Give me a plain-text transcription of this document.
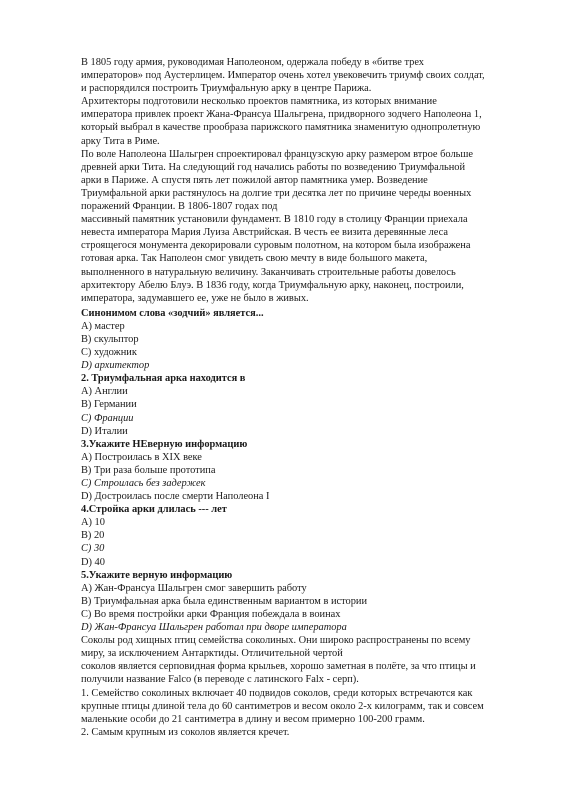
В 1805 году армия, руководимая Наполеоном, одержала победу в «битве трех
императоров» под Аустерлицем. Император очень хотел увековечить триумф своих солдат,
и распорядился построить Триумфальную арку в центре Парижа.
Архитекторы подготовили несколько проектов памятника, из которых внимание
императора привлек проект Жана-Франсуа Шальгрена, придворного зодчего Наполеона 1,
который выбрал в качестве прообраза парижского памятника знаменитую однопролетную
арку Тита в Риме.
По воле Наполеона Шальгрен спроектировал французскую арку размером втрое больше
древней арки Тита. На следующий год начались работы по возведению Триумфальной
арки в Париже. А спустя пять лет пожилой автор памятника умер. Возведение
Триумфальной арки растянулось на долгие три десятка лет по причине череды военных
поражений Франции. В 1806-1807 годах под
массивный памятник установили фундамент. В 1810 году в столицу Франции приехала
невеста императора Мария Луиза Австрийская. В честь ее визита деревянные леса
строящегося монумента декорировали суровым полотном, на котором была изображена
готовая арка. Так Наполеон смог увидеть свою мечту в виде большого макета,
выполненного в натуральную величину. Заканчивать строительные работы довелось
архитектору Абелю Блуэ. В 1836 году, когда Триумфальную арку, наконец, построили,
императора, задумавшего ее, уже не было в живых.
Синонимом слова «зодчий» является...
А) мастер
В) скульптор
С) художник
D) архитектор
2. Триумфальная арка находится в
А) Англии
В) Германии
С) Франции
D) Италии
3.Укажите НЕверную информацию
А) Построилась в XIX веке
В) Три раза больше прототипа
С) Строилась без задержек
D) Достроилась после смерти Наполеона I
4.Стройка арки длилась --- лет
А) 10
В) 20
С) 30
D) 40
5.Укажите верную информацию
А) Жан-Франсуа Шальгрен смог завершить работу
В) Триумфальная арка была единственным вариантом в истории
С) Во время постройки арки Франция побеждала в воинах
D) Жан-Франсуа Шальгрен работал при дворе императора
Соколы род хищных птиц семейства соколиных. Они широко распространены по всему
миру, за исключением Антарктиды. Отличительной чертой
соколов является серповидная форма крыльев, хорошо заметная в полёте, за что птицы и
получили название Falco (в переводе с латинского Falx - серп).
1. Семейство соколиных включает 40 подвидов соколов, среди которых встречаются как
крупные птицы длиной тела до 60 сантиметров и весом около 2-х килограмм, так и совсем
маленькие особи до 21 сантиметра в длину и весом примерно 100-200 грамм.
2. Самым крупным из соколов является кречет.
